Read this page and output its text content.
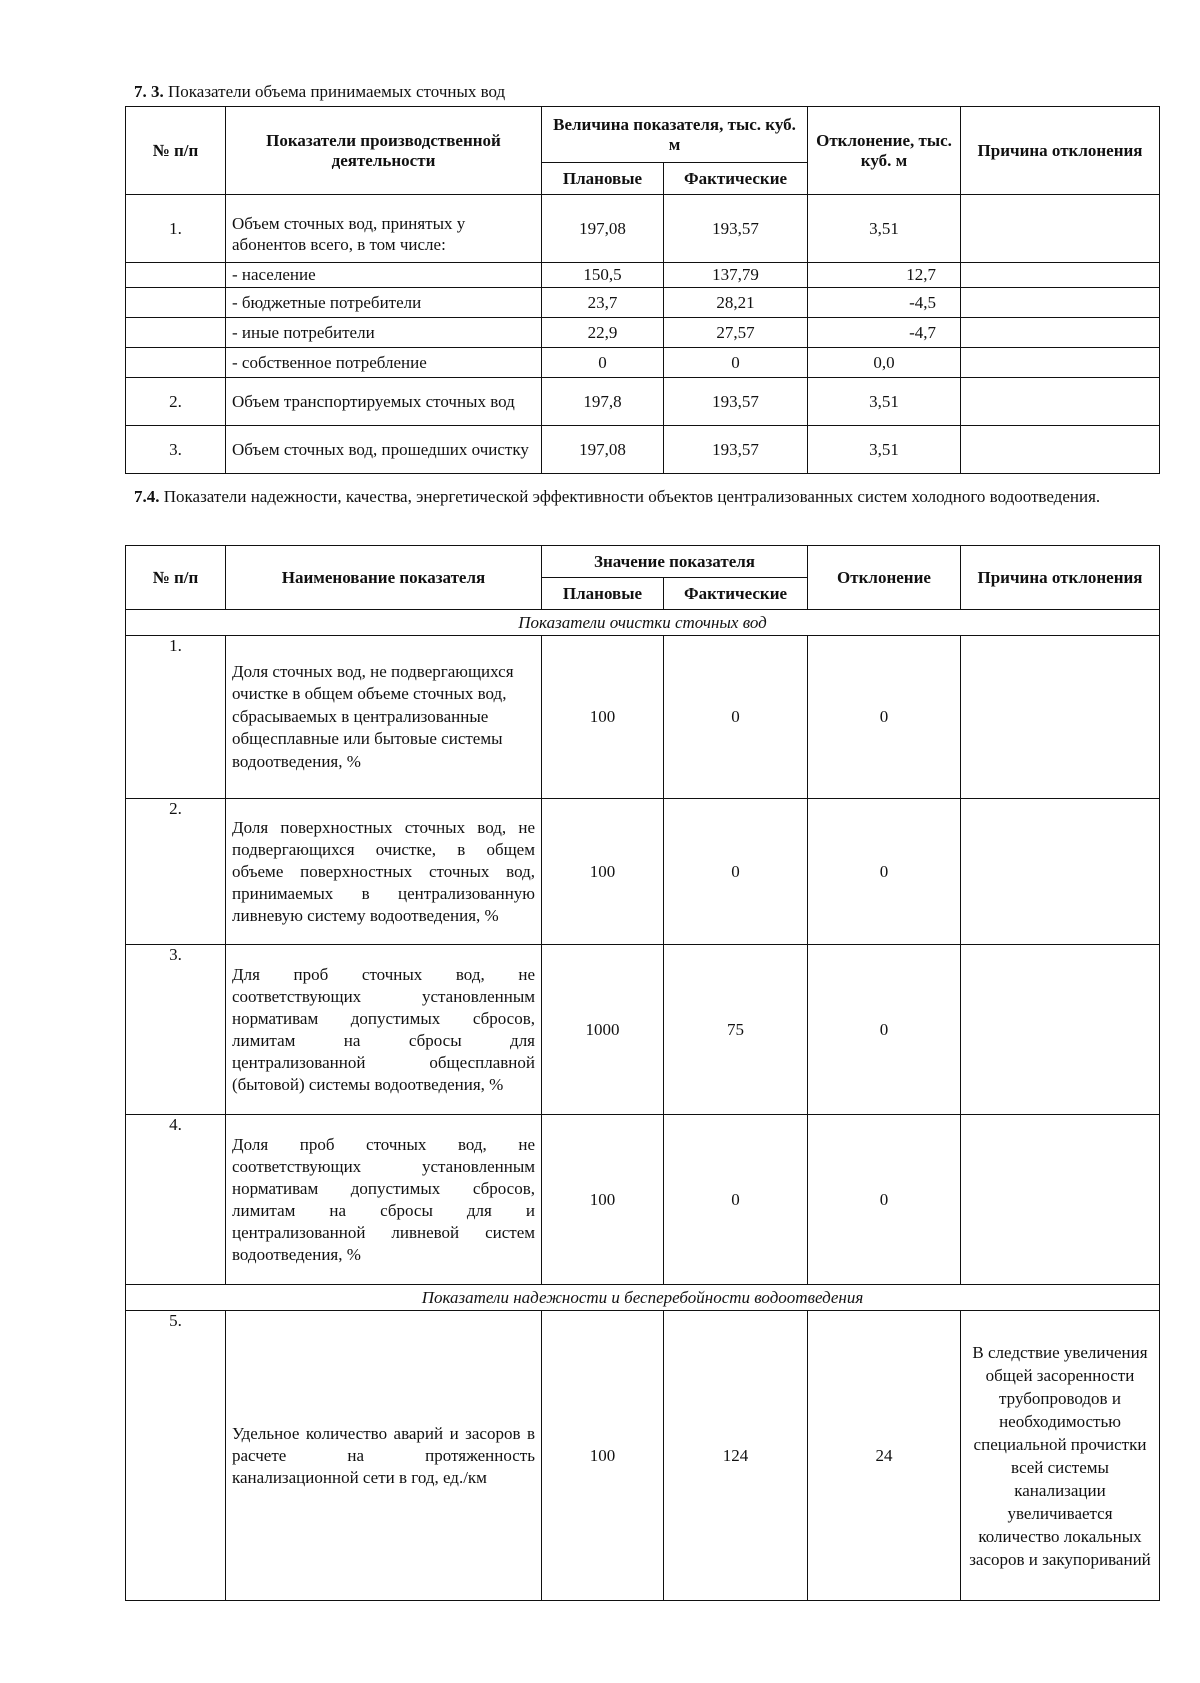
7. 3. Показатели объема принимаемых сточных вод
№ п/п	Показатели производственной деятельности	Величина показателя, тыс. куб. м		Отклонение, тыс. куб. м	Причина отклонения
		Плановые	Фактические		
1.	Объем сточных вод, принятых у абонентов всего, в том числе:	197,08	193,57	3,51	
	- население	150,5	137,79	12,7	
	- бюджетные потребители	23,7	28,21	-4,5	
	- иные потребители	22,9	27,57	-4,7	
	- собственное потребление	0	0	0,0	
2.	Объем транспортируемых сточных вод	197,8	193,57	3,51	
3.	Объем сточных вод, прошедших очистку	197,08	193,57	3,51	
7.4. Показатели надежности, качества, энергетической эффективности объектов централизованных систем холодного водоотведения.
№ п/п	Наименование показателя	Значение показателя		Отклонение	Причина отклонения
		Плановые	Фактические		
Показатели очистки сточных вод					
1.	Доля сточных вод, не подвергающихся очистке в общем объеме сточных вод, сбрасываемых в централизованные общесплавные или бытовые системы водоотведения, %	100	0	0	
2.	Доля поверхностных сточных вод, не подвергающихся очистке, в общем объеме поверхностных сточных вод, принимаемых в централизованную ливневую систему водоотведения, %	100	0	0	
3.	Для проб сточных вод, не соответствующих установленным нормативам допустимых сбросов, лимитам на сбросы для централизованной общесплавной (бытовой) системы водоотведения, %	1000	75	0	
4.	Доля проб сточных вод, не соответствующих установленным нормативам допустимых сбросов, лимитам на сбросы для и централизованной ливневой систем водоотведения, %	100	0	0	
Показатели надежности и бесперебойности водоотведения					
5.	Удельное количество аварий и засоров в расчете на протяженность канализационной сети в год, ед./км	100	124	24	В следствие увеличения общей засоренности трубопроводов и необходимостью специальной прочистки всей системы канализации увеличивается количество локальных засоров и закупориваний
